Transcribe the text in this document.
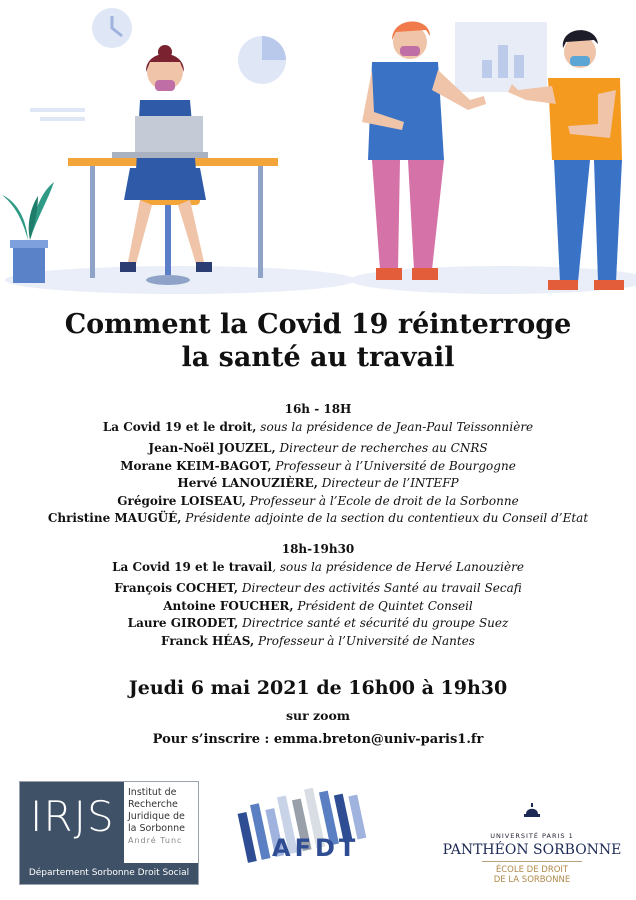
Comment la Covid 19 réinterroge
la santé au travail
16h - 18H
La Covid 19 et le droit, sous la présidence de Jean-Paul Teissonnière
Jean-Noël JOUZEL, Directeur de recherches au CNRS
Morane KEIM-BAGOT, Professeur à l’Université de Bourgogne
Hervé LANOUZIÈRE, Directeur de l’INTEFP
Grégoire LOISEAU, Professeur à l’Ecole de droit de la Sorbonne
Christine MAUGÜÉ, Présidente adjointe de la section du contentieux du Conseil d’Etat
18h-19h30
La Covid 19 et le travail, sous la présidence de Hervé Lanouzière
François COCHET, Directeur des activités Santé au travail Secafi
Antoine FOUCHER, Président de Quintet Conseil
Laure GIRODET, Directrice santé et sécurité du groupe Suez
Franck HÉAS, Professeur à l’Université de Nantes
Jeudi 6 mai 2021 de 16h00 à 19h30
sur zoom
Pour s’inscrire : emma.breton@univ-paris1.fr
IRJS Institut de
Recherche
Juridique de
la Sorbonne
André Tunc
Département Sorbonne Droit Social
AFDT	UNIVERSITÉ PARIS 1
PANTHÉON SORBONNE
ÉCOLE DE DROIT
DE LA SORBONNE
